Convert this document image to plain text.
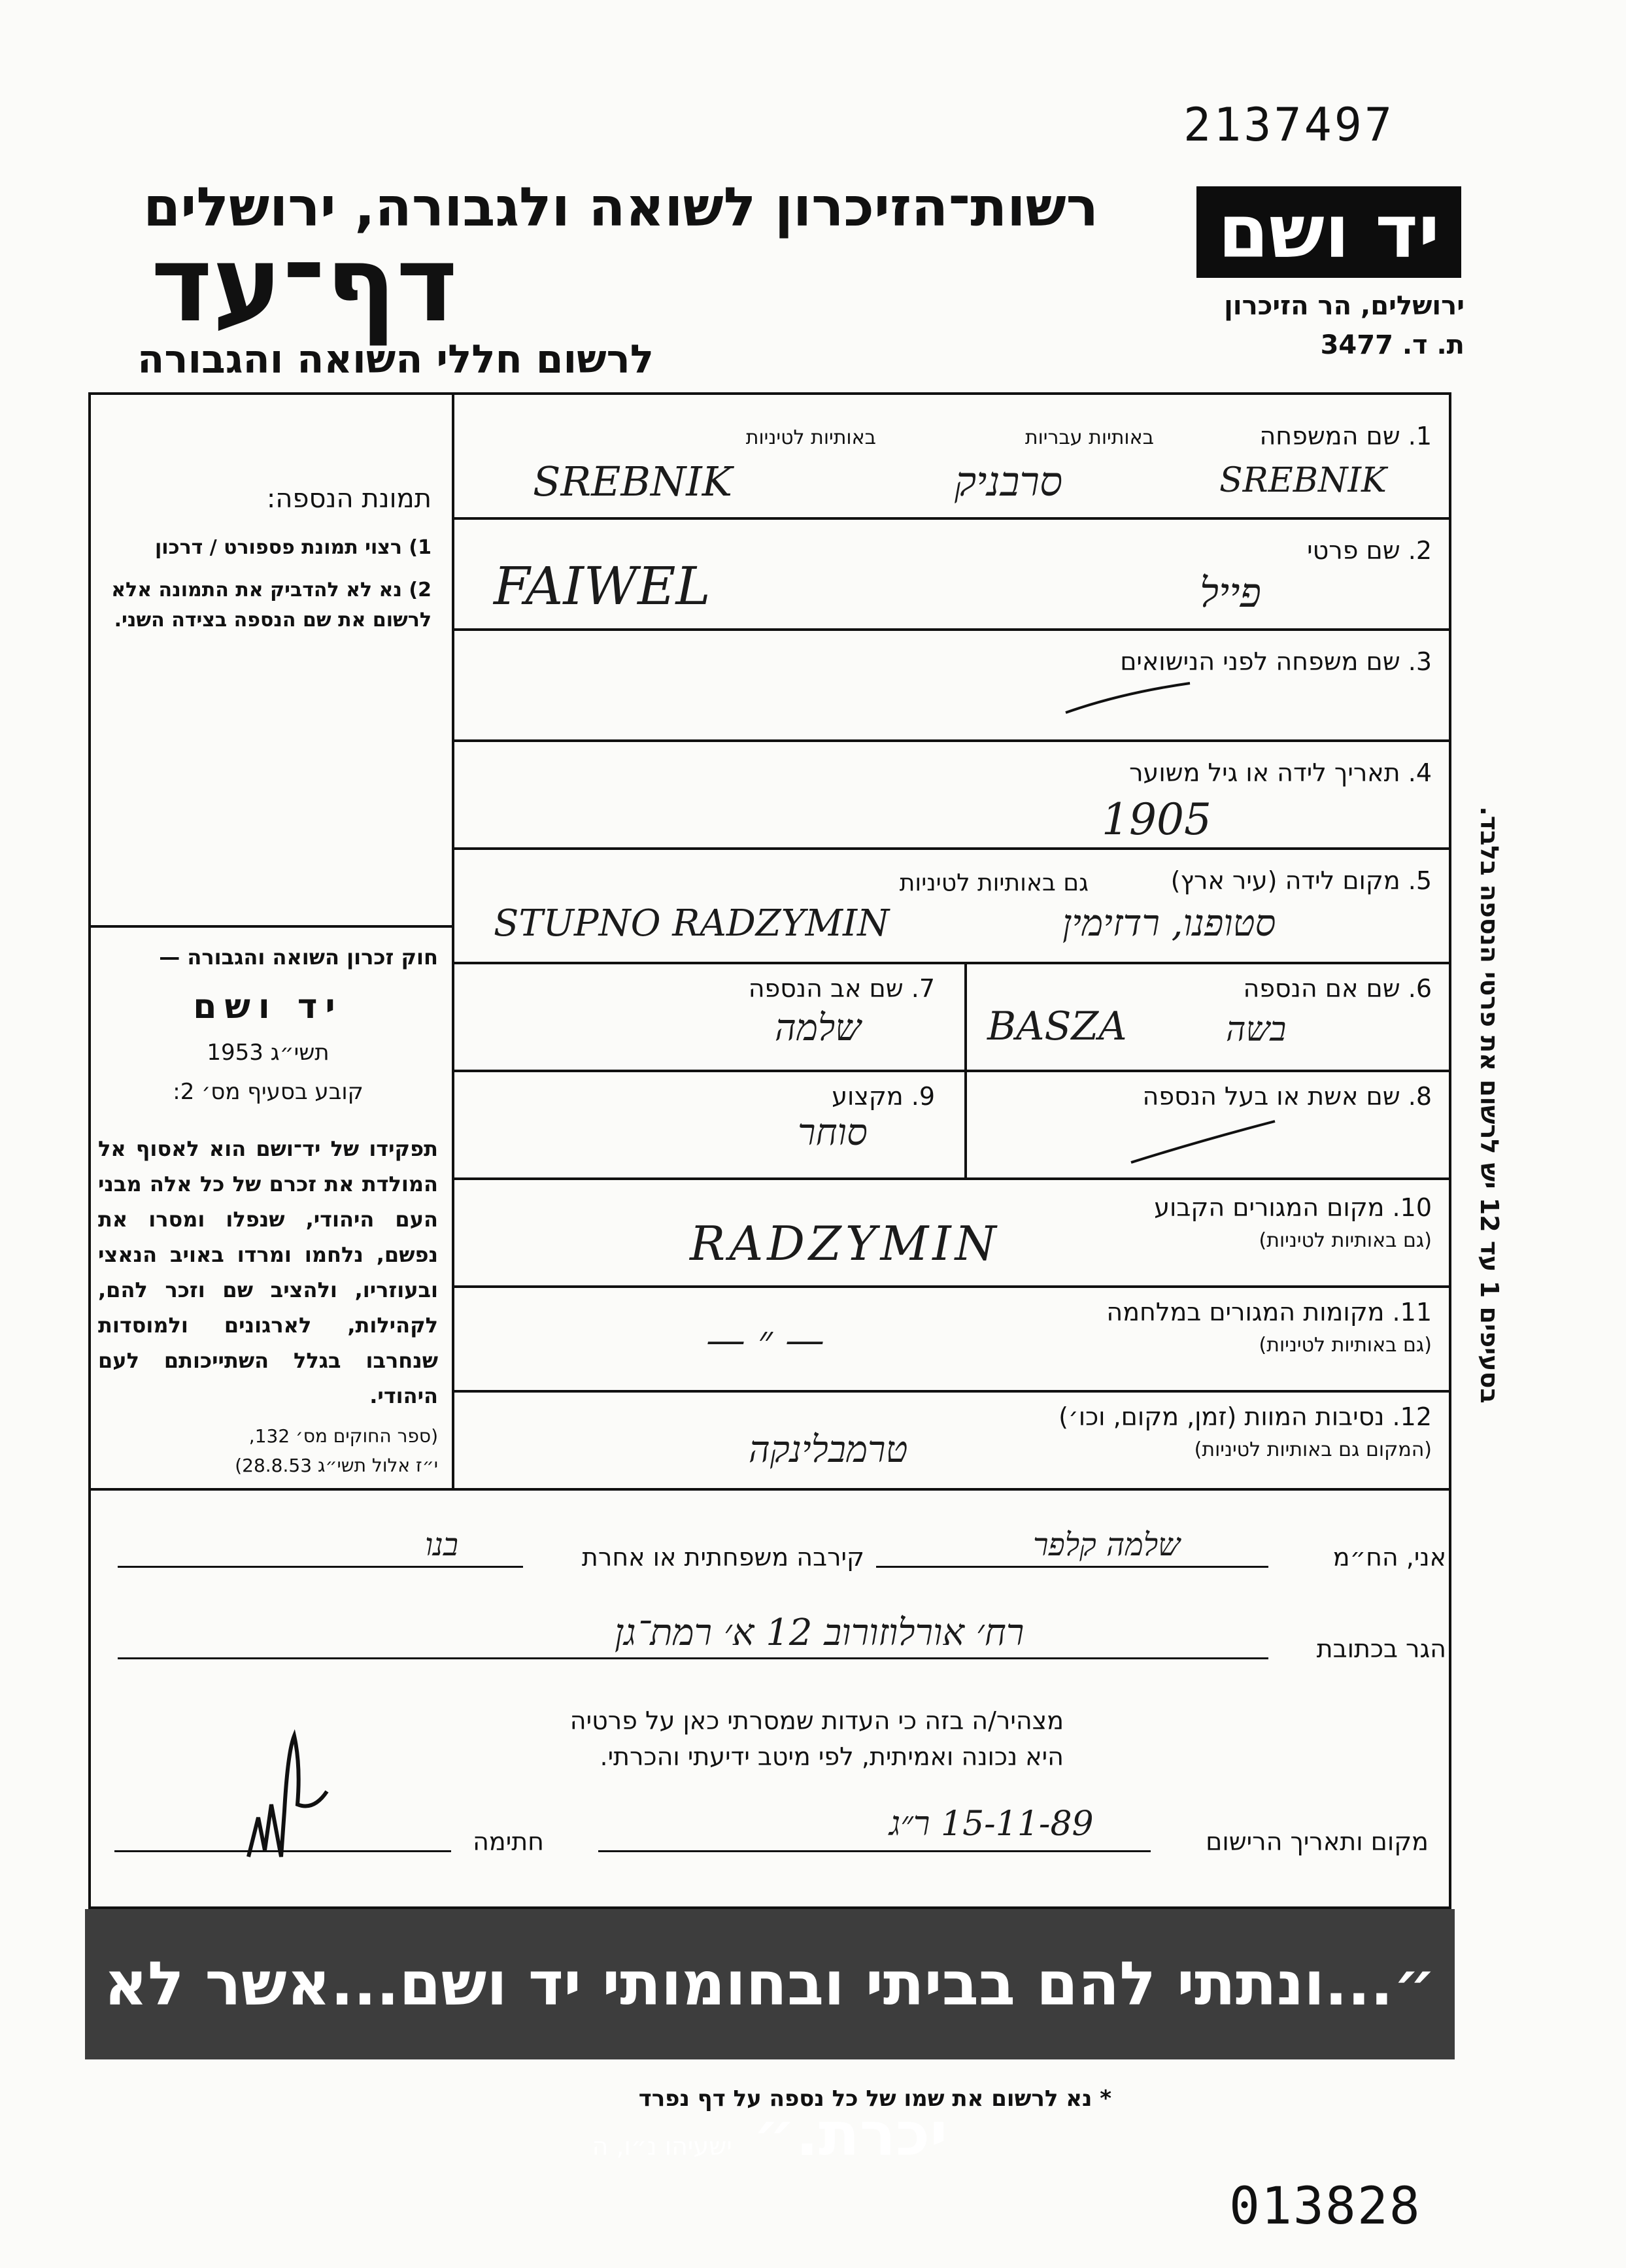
2137497
יד ושם
ירושלים, הר הזיכרון
ת. ד. 3477
רשות־הזיכרון לשואה ולגבורה, ירושלים
דף־עד
לרשום חללי השואה והגבורה
תמונת הנספה:
1) רצוי תמונת פספורט / דרכון
2) נא לא להדביק את התמונה אלא לרשום את שם הנספה בצידה השני.
חוק זכרון השואה והגבורה —
יד ושם
תשי״ג 1953
קובע בסעיף מס׳ 2:
תפקידו של יד־ושם הוא לאסוף אל המולדת את זכרם של כל אלה מבני העם היהודי, שנפלו ומסרו את נפשם, נלחמו ומרדו באויב הנאצי ובעוזריו, ולהציב שם וזכר להם, לקהילות, לארגונים ולמוסדות שנחרבו בגלל השתייכותם לעם היהודי.
(ספר החוקים מס׳ 132,
י״ז אלול תשי״ג 28.8.53)
1. שם המשפחה
באותיות עבריות
באותיות לטיניות
SREBNIK	סרבניק	SREBNIK
2. שם פרטי
FAIWEL	פייל
3. שם משפחה לפני הנישואים
4. תאריך לידה או גיל משוער
1905
5. מקום לידה (עיר ארץ)
גם באותיות לטיניות
STUPNO RADZYMIN	סטופנו, רדזימין
6. שם אם הנספה
BASZA	בשה
7. שם אב הנספה
שלמה
8. שם אשת או בעל הנספה
9. מקצוע
סוחר
10. מקום המגורים הקבוע
(גם באותיות לטיניות)
RADZYMIN
11. מקומות המגורים במלחמה
(גם באותיות לטיניות)
— ״ —
12. נסיבות המוות (זמן, מקום, וכו׳)
(המקום גם באותיות לטיניות)
טרמבלינקה
אני, הח״מ
שלמה קלפר
קירבה משפחתית או אחרת
בנו
הגר בכתובת
רח׳ אורלוזורוב 12 א׳ רמת־גן
מצהיר/ה בזה כי העדות שמסרתי כאן על פרטיה
היא נכונה ואמיתית, לפי מיטב ידיעתי והכרתי.
מקום ותאריך הרישום
15-11-89 ר״ג
חתימה
״...ונתתי להם בביתי ובחומותי יד ושם...אשר לא יכרת.״ ישעיהו נ״ו, ה
* נא לרשום את שמו של כל נספה על דף נפרד
013828
בסעיפים 1 עד 12 יש לרשום את פרטי הנספה בלבד.
